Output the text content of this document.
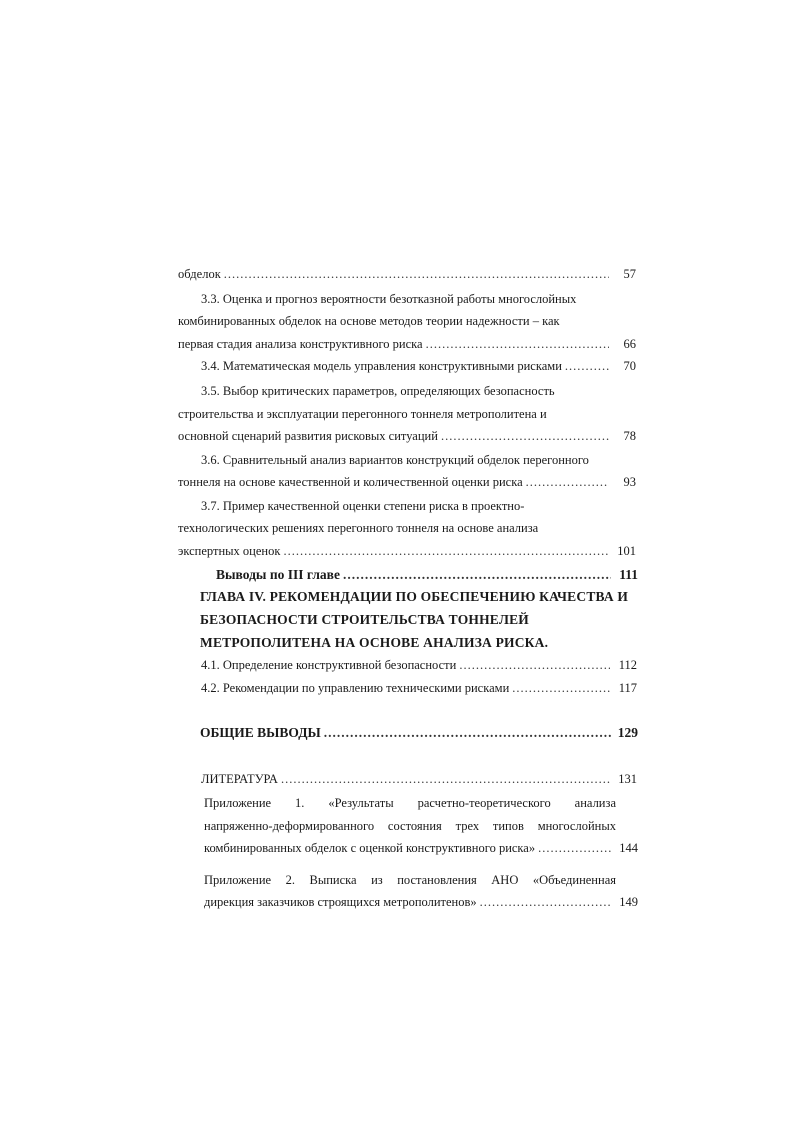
обделок .....	57
3.3. Оценка и прогноз вероятности безотказной работы многослойных
комбинированных обделок на основе методов теории надежности – как
первая стадия анализа конструктивного риска .....	66
3.4. Математическая модель управления конструктивными рисками .....	70
3.5. Выбор критических параметров, определяющих безопасность
строительства и эксплуатации перегонного тоннеля метрополитена и
основной сценарий развития рисковых ситуаций .....	78
3.6. Сравнительный анализ вариантов конструкций обделок перегонного
тоннеля на основе качественной и количественной оценки риска .....	93
3.7. Пример качественной оценки степени риска в проектно-
технологических решениях перегонного тоннеля на основе анализа
экспертных оценок .....	101
Выводы по III главе .....	111
ГЛАВА IV. РЕКОМЕНДАЦИИ ПО ОБЕСПЕЧЕНИЮ КАЧЕСТВА И
БЕЗОПАСНОСТИ СТРОИТЕЛЬСТВА ТОННЕЛЕЙ
МЕТРОПОЛИТЕНА НА ОСНОВЕ АНАЛИЗА РИСКА.
4.1. Определение конструктивной безопасности .....	112
4.2. Рекомендации по управлению техническими рисками .....	117
ОБЩИЕ ВЫВОДЫ .....	129
ЛИТЕРАТУРА .....	131
Приложение 1. «Результаты расчетно-теоретического анализа
напряженно-деформированного состояния трех типов многослойных
комбинированных обделок с оценкой конструктивного риска» .....	144
Приложение 2. Выписка из постановления АНО «Объединенная
дирекция заказчиков строящихся метрополитенов» .....	149
